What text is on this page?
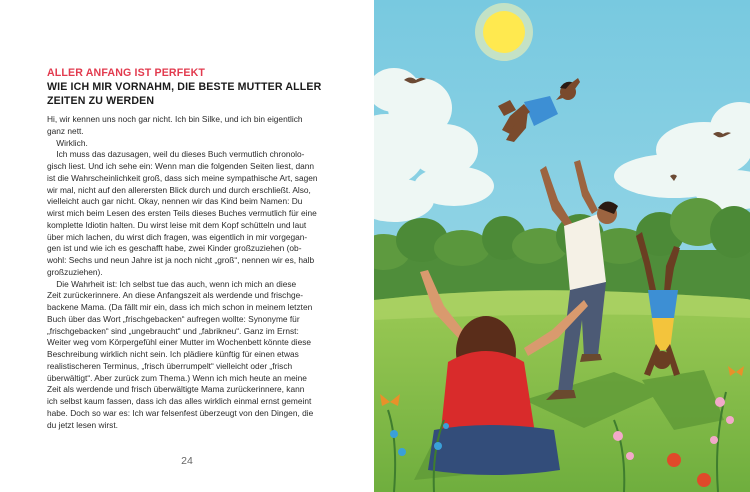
ALLER ANFANG IST PERFEKT
WIE ICH MIR VORNAHM, DIE BESTE MUTTER ALLER
ZEITEN ZU WERDEN
Hi, wir kennen uns noch gar nicht. Ich bin Silke, und ich bin eigentlich
ganz nett.
Wirklich.
Ich muss das dazusagen, weil du dieses Buch vermutlich chronolo-
gisch liest. Und ich sehe ein: Wenn man die folgenden Seiten liest, dann
ist die Wahrscheinlichkeit groß, dass sich meine sympathische Art, sagen
wir mal, nicht auf den allerersten Blick durch und durch erschließt. Also,
vielleicht auch gar nicht. Okay, nennen wir das Kind beim Namen: Du
wirst mich beim Lesen des ersten Teils dieses Buches vermutlich für eine
komplette Idiotin halten. Du wirst leise mit dem Kopf schütteln und laut
über mich lachen, du wirst dich fragen, was eigentlich in mir vorgegan-
gen ist und wie ich es geschafft habe, zwei Kinder großzuziehen (ob-
wohl: Sechs und neun Jahre ist ja noch nicht „groß“, nennen wir es, halb
großzuziehen).
Die Wahrheit ist: Ich selbst tue das auch, wenn ich mich an diese
Zeit zurückerinnere. An diese Anfangszeit als werdende und frischge-
backene Mama. (Da fällt mir ein, dass ich mich schon in meinem letzten
Buch über das Wort „frischgebacken“ aufregen wollte: Synonyme für
„frischgebacken“ sind „ungebraucht“ und „fabrikneu“. Ganz im Ernst:
Weiter weg vom Körpergefühl einer Mutter im Wochenbett könnte diese
Beschreibung wirklich nicht sein. Ich plädiere künftig für einen etwas
realistischeren Terminus, „frisch überrumpelt“ vielleicht oder „frisch
überwältigt“. Aber zurück zum Thema.) Wenn ich mich heute an meine
Zeit als werdende und frisch überwältigte Mama zurückerinnere, kann
ich selbst kaum fassen, dass ich das alles wirklich einmal ernst gemeint
habe. Doch so war es: Ich war felsenfest überzeugt von den Dingen, die
du jetzt lesen wirst.
24
